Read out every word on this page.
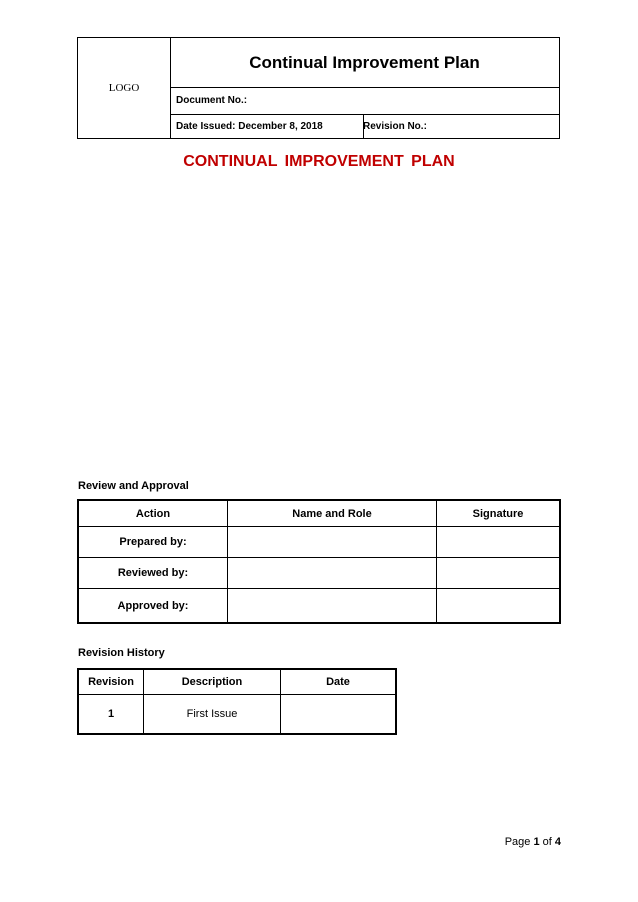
LOGO
Continual Improvement Plan
Document No.:
Date Issued: December 8, 2018	Revision No.:
CONTINUAL IMPROVEMENT PLAN
Review and Approval
Action	Name and Role	Signature
Prepared by:		
Reviewed by:		
Approved by:		
Revision History
Revision	Description	Date
1	First Issue	
Page 1 of 4
